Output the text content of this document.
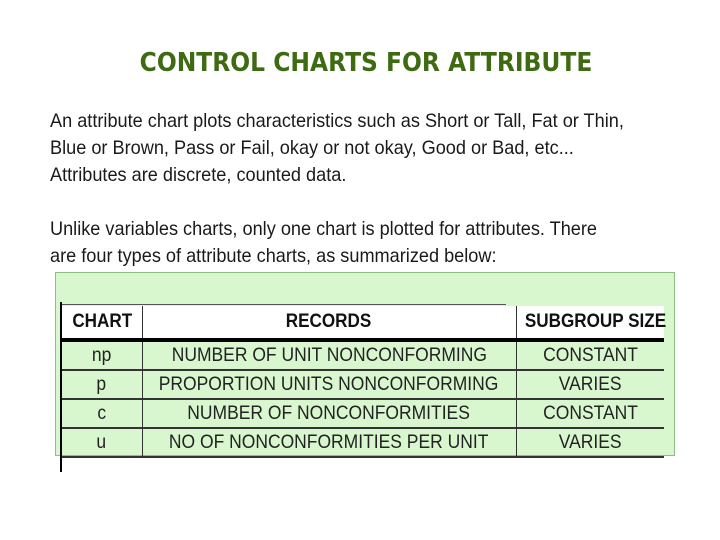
CONTROL CHARTS FOR ATTRIBUTE
An attribute chart plots characteristics such as Short or Tall, Fat or Thin,
Blue or Brown, Pass or Fail, okay or not okay, Good or Bad, etc...
Attributes are discrete, counted data.
Unlike variables charts, only one chart is plotted for attributes. There
are four types of attribute charts, as summarized below:
CHART	RECORDS	SUBGROUP SIZE
np	NUMBER OF UNIT NONCONFORMING	CONSTANT
p	PROPORTION UNITS NONCONFORMING	VARIES
c	NUMBER OF NONCONFORMITIES	CONSTANT
u	NO OF NONCONFORMITIES PER UNIT	VARIES
